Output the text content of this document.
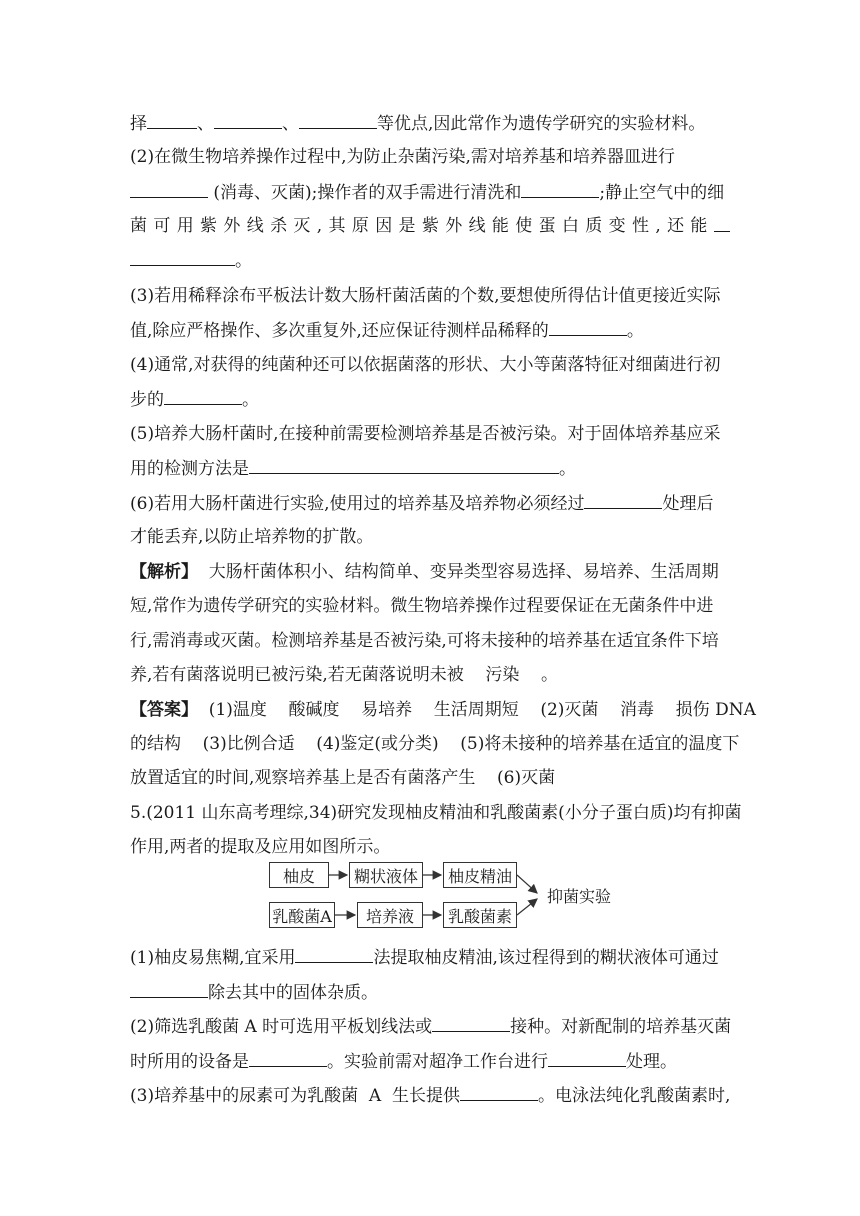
择	、	、	等优点,因此常作为遗传学研究的实验材料。
(2)在微生物培养操作过程中,为防止杂菌污染,需对培养基和培养器皿进行
(消毒、灭菌);操作者的双手需进行清洗和	;静止空气中的细
菌 可 用 紫 外 线 杀 灭 , 其 原 因 是 紫 外 线 能 使 蛋 白 质 变 性 , 还 能
。
(3)若用稀释涂布平板法计数大肠杆菌活菌的个数,要想使所得估计值更接近实际
值,除应严格操作、多次重复外,还应保证待测样品稀释的	。
(4)通常,对获得的纯菌种还可以依据菌落的形状、大小等菌落特征对细菌进行初
步的	。
(5)培养大肠杆菌时,在接种前需要检测培养基是否被污染。对于固体培养基应采
用的检测方法是	。
(6)若用大肠杆菌进行实验,使用过的培养基及培养物必须经过	处理后
才能丢弃,以防止培养物的扩散。
【解析】  大肠杆菌体积小、结构简单、变异类型容易选择、易培养、生活周期
短,常作为遗传学研究的实验材料。微生物培养操作过程要保证在无菌条件中进
行,需消毒或灭菌。检测培养基是否被污染,可将未接种的培养基在适宜条件下培
养,若有菌落说明已被污染,若无菌落说明未被    污染    。
【答案】  (1)温度    酸碱度    易培养    生活周期短    (2)灭菌    消毒    损伤 DNA
的结构    (3)比例合适    (4)鉴定(或分类)    (5)将未接种的培养基在适宜的温度下
放置适宜的时间,观察培养基上是否有菌落产生    (6)灭菌
5.(2011 山东高考理综,34)研究发现柚皮精油和乳酸菌素(小分子蛋白质)均有抑菌
作用,两者的提取及应用如图所示。
(1)柚皮易焦糊,宜采用	法提取柚皮精油,该过程得到的糊状液体可通过
除去其中的固体杂质。
(2)筛选乳酸菌 A 时可选用平板划线法或	接种。对新配制的培养基灭菌
时所用的设备是	。实验前需对超净工作台进行	处理。
(3)培养基中的尿素可为乳酸菌  A  生长提供	。电泳法纯化乳酸菌素时,
柚皮	糊状液体	柚皮精油
乳酸菌A	培养液	乳酸菌素
抑菌实验
